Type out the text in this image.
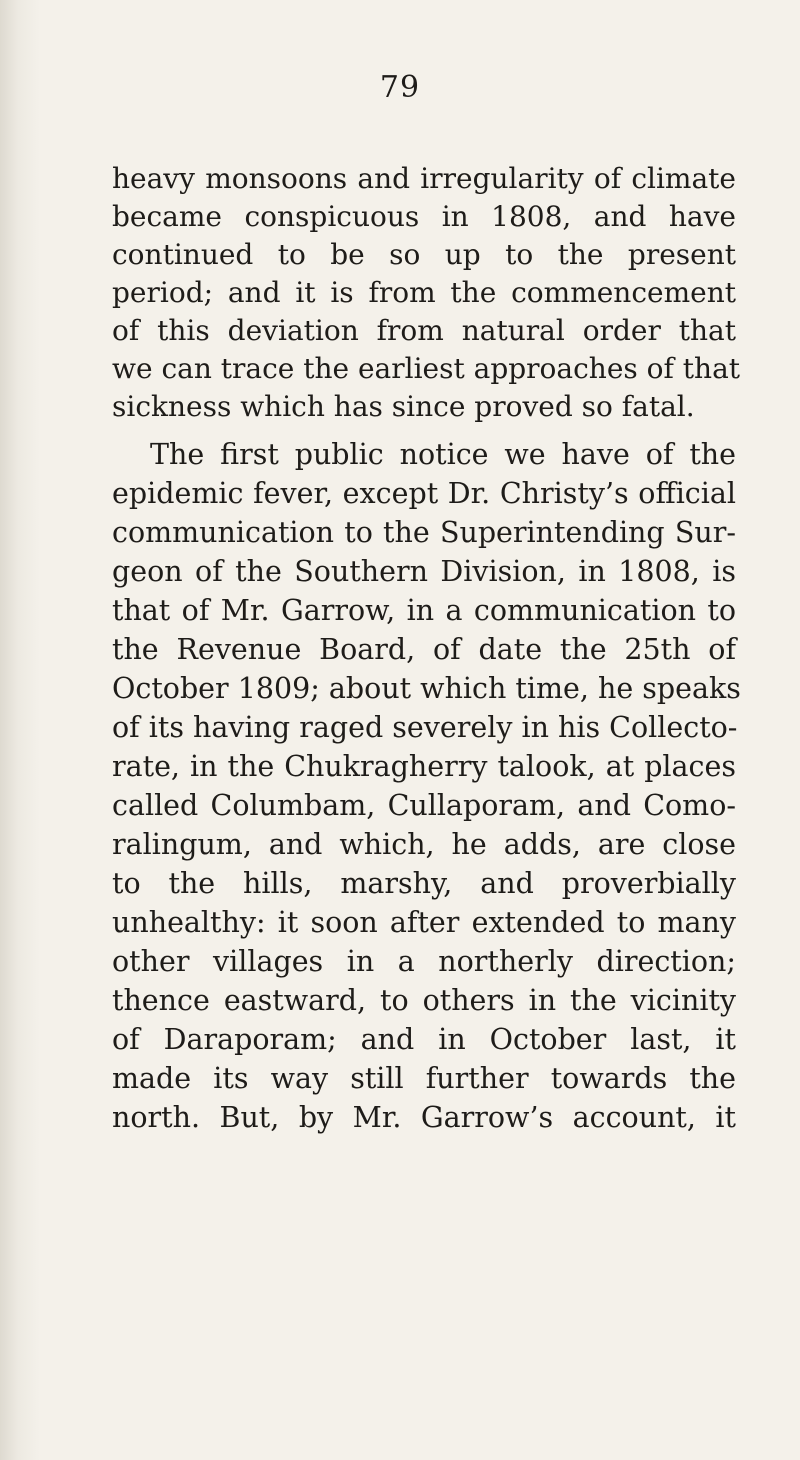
79

heavy monsoons and irregularity of climate
became conspicuous in 1808, and have
continued to be so up to the present
period; and it is from the commencement
of this deviation from natural order that
we can trace the earliest approaches of that
sickness which has since proved so fatal.

The first public notice we have of the
epidemic fever, except Dr. Christy’s official
communication to the Superintending Sur-
geon of the Southern Division, in 1808, is
that of Mr. Garrow, in a communication to
the Revenue Board, of date the 25th of
October 1809; about which time, he speaks
of its having raged severely in his Collecto-
rate, in the Chukragherry talook, at places
called Columbam, Cullaporam, and Como-
ralingum, and which, he adds, are close
to the hills, marshy, and proverbially
unhealthy: it soon after extended to many
other villages in a northerly direction;
thence eastward, to others in the vicinity
of Daraporam; and in October last, it
made its way still further towards the
north. But, by Mr. Garrow’s account, it
